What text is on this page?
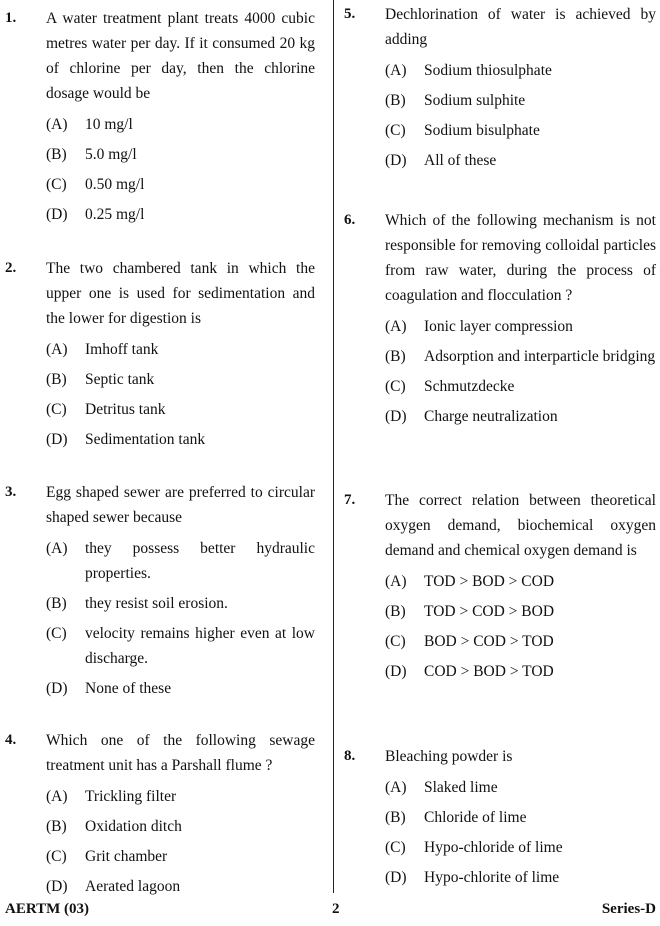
1.	A water treatment plant treats 4000 cubic metres water per day. If it consumed 20 kg of chlorine per day, then the chlorine dosage would be
(A)	10 mg/l
(B)	5.0 mg/l
(C)	0.50 mg/l
(D)	0.25 mg/l
2.	The two chambered tank in which the upper one is used for sedimentation and the lower for digestion is
(A)	Imhoff tank
(B)	Septic tank
(C)	Detritus tank
(D)	Sedimentation tank
3.	Egg shaped sewer are preferred to circular shaped sewer because
(A)	they possess better hydraulic properties.
(B)	they resist soil erosion.
(C)	velocity remains higher even at low discharge.
(D)	None of these
4.	Which one of the following sewage treatment unit has a Parshall flume ?
(A)	Trickling filter
(B)	Oxidation ditch
(C)	Grit chamber
(D)	Aerated lagoon
5.	Dechlorination of water is achieved by adding
(A)	Sodium thiosulphate
(B)	Sodium sulphite
(C)	Sodium bisulphate
(D)	All of these
6.	Which of the following mechanism is not responsible for removing colloidal particles from raw water, during the process of coagulation and flocculation ?
(A)	Ionic layer compression
(B)	Adsorption and interparticle bridging
(C)	Schmutzdecke
(D)	Charge neutralization
7.	The correct relation between theoretical oxygen demand, biochemical oxygen demand and chemical oxygen demand is
(A)	TOD > BOD > COD
(B)	TOD > COD > BOD
(C)	BOD > COD > TOD
(D)	COD > BOD > TOD
8.	Bleaching powder is
(A)	Slaked lime
(B)	Chloride of lime
(C)	Hypo-chloride of lime
(D)	Hypo-chlorite of lime
AERTM (03)	2	Series-D
